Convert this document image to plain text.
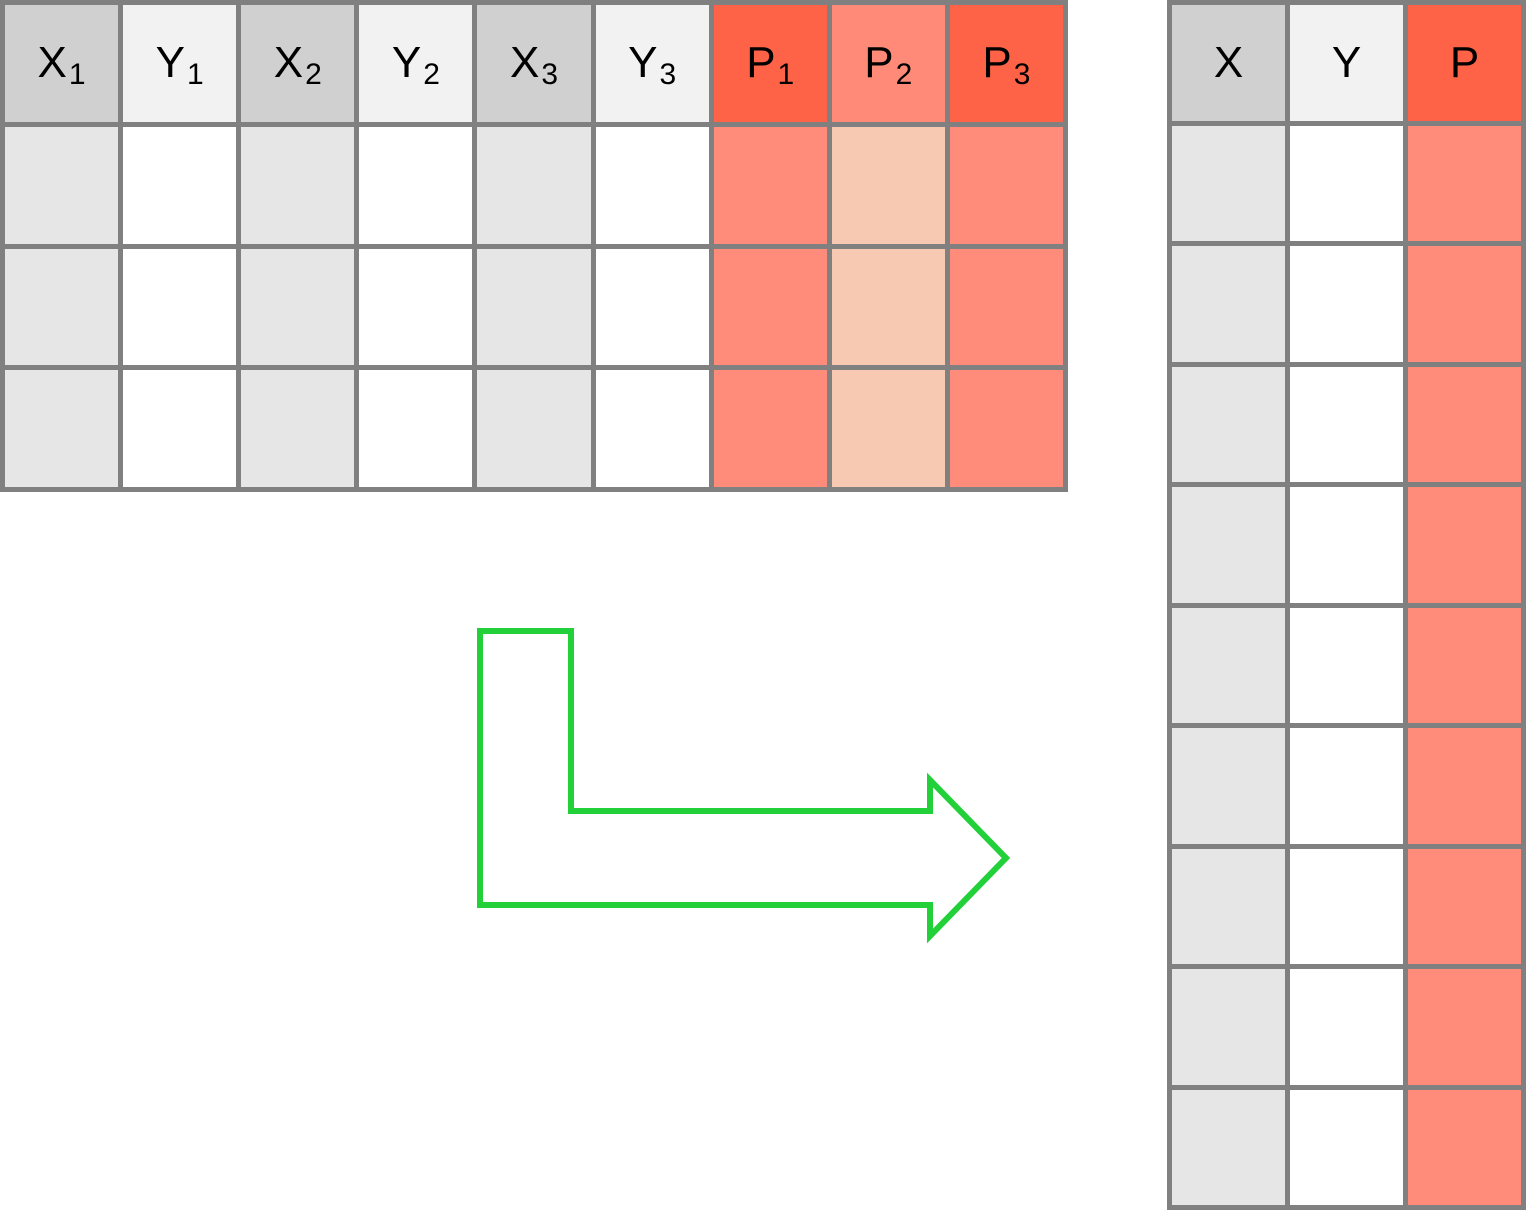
$X_1$ $Y_1$ $X_2$ $Y_2$ $X_3$ $Y_3$ $P_1$ $P_2$ $P_3$	X Y P
